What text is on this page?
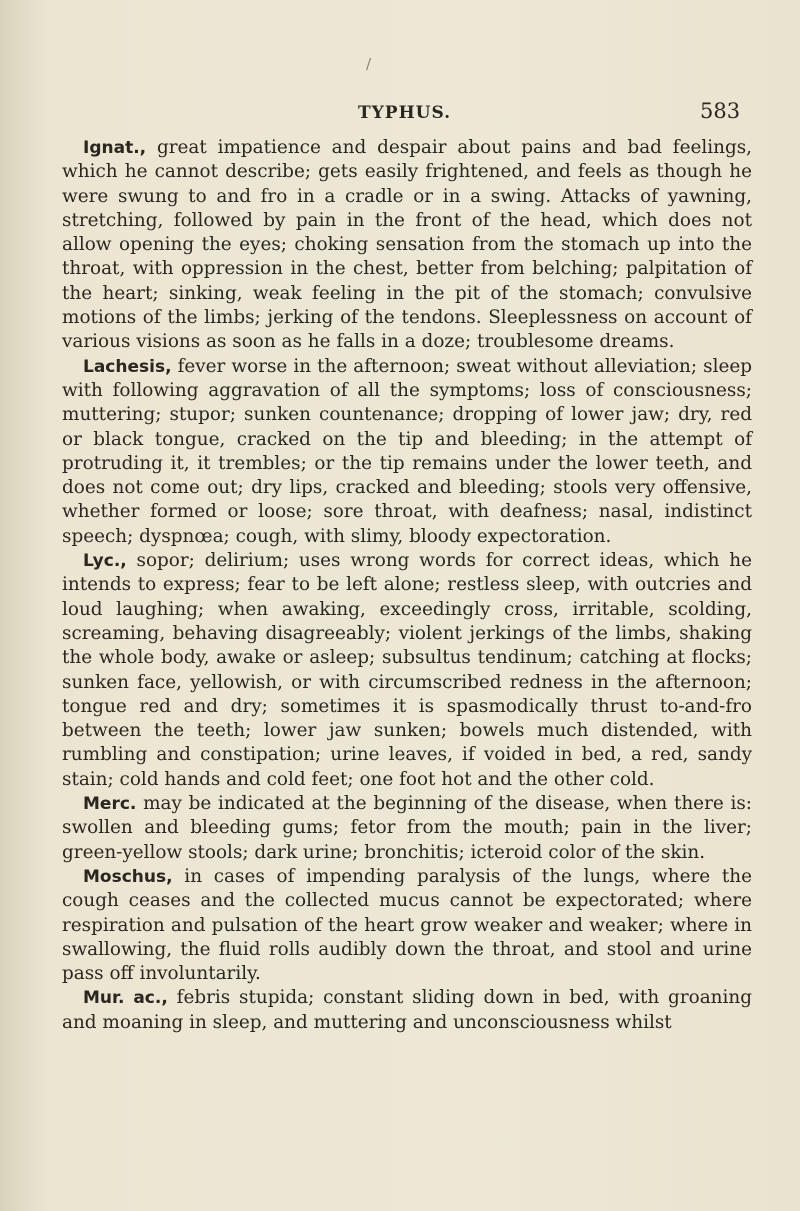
/
TYPHUS.	583

Ignat., great impatience and despair about pains and bad feelings, which he cannot describe; gets easily frightened, and feels as though he were swung to and fro in a cradle or in a swing. Attacks of yawning, stretching, followed by pain in the front of the head, which does not allow opening the eyes; choking sensation from the stomach up into the throat, with oppression in the chest, better from belching; palpitation of the heart; sinking, weak feeling in the pit of the stomach; convulsive motions of the limbs; jerking of the tendons. Sleeplessness on account of various visions as soon as he falls in a doze; troublesome dreams.

Lachesis, fever worse in the afternoon; sweat without alleviation; sleep with following aggravation of all the symptoms; loss of consciousness; muttering; stupor; sunken countenance; dropping of lower jaw; dry, red or black tongue, cracked on the tip and bleeding; in the attempt of protruding it, it trembles; or the tip remains under the lower teeth, and does not come out; dry lips, cracked and bleeding; stools very offensive, whether formed or loose; sore throat, with deafness; nasal, indistinct speech; dyspnœa; cough, with slimy, bloody expectoration.

Lyc., sopor; delirium; uses wrong words for correct ideas, which he intends to express; fear to be left alone; restless sleep, with outcries and loud laughing; when awaking, exceedingly cross, irritable, scolding, screaming, behaving disagreeably; violent jerkings of the limbs, shaking the whole body, awake or asleep; subsultus tendinum; catching at flocks; sunken face, yellowish, or with circumscribed redness in the afternoon; tongue red and dry; sometimes it is spasmodically thrust to-and-fro between the teeth; lower jaw sunken; bowels much distended, with rumbling and constipation; urine leaves, if voided in bed, a red, sandy stain; cold hands and cold feet; one foot hot and the other cold.

Merc. may be indicated at the beginning of the disease, when there is: swollen and bleeding gums; fetor from the mouth; pain in the liver; green-yellow stools; dark urine; bronchitis; icteroid color of the skin.

Moschus, in cases of impending paralysis of the lungs, where the cough ceases and the collected mucus cannot be expectorated; where respiration and pulsation of the heart grow weaker and weaker; where in swallowing, the fluid rolls audibly down the throat, and stool and urine pass off involuntarily.

Mur. ac., febris stupida; constant sliding down in bed, with groaning and moaning in sleep, and muttering and unconsciousness whilst
